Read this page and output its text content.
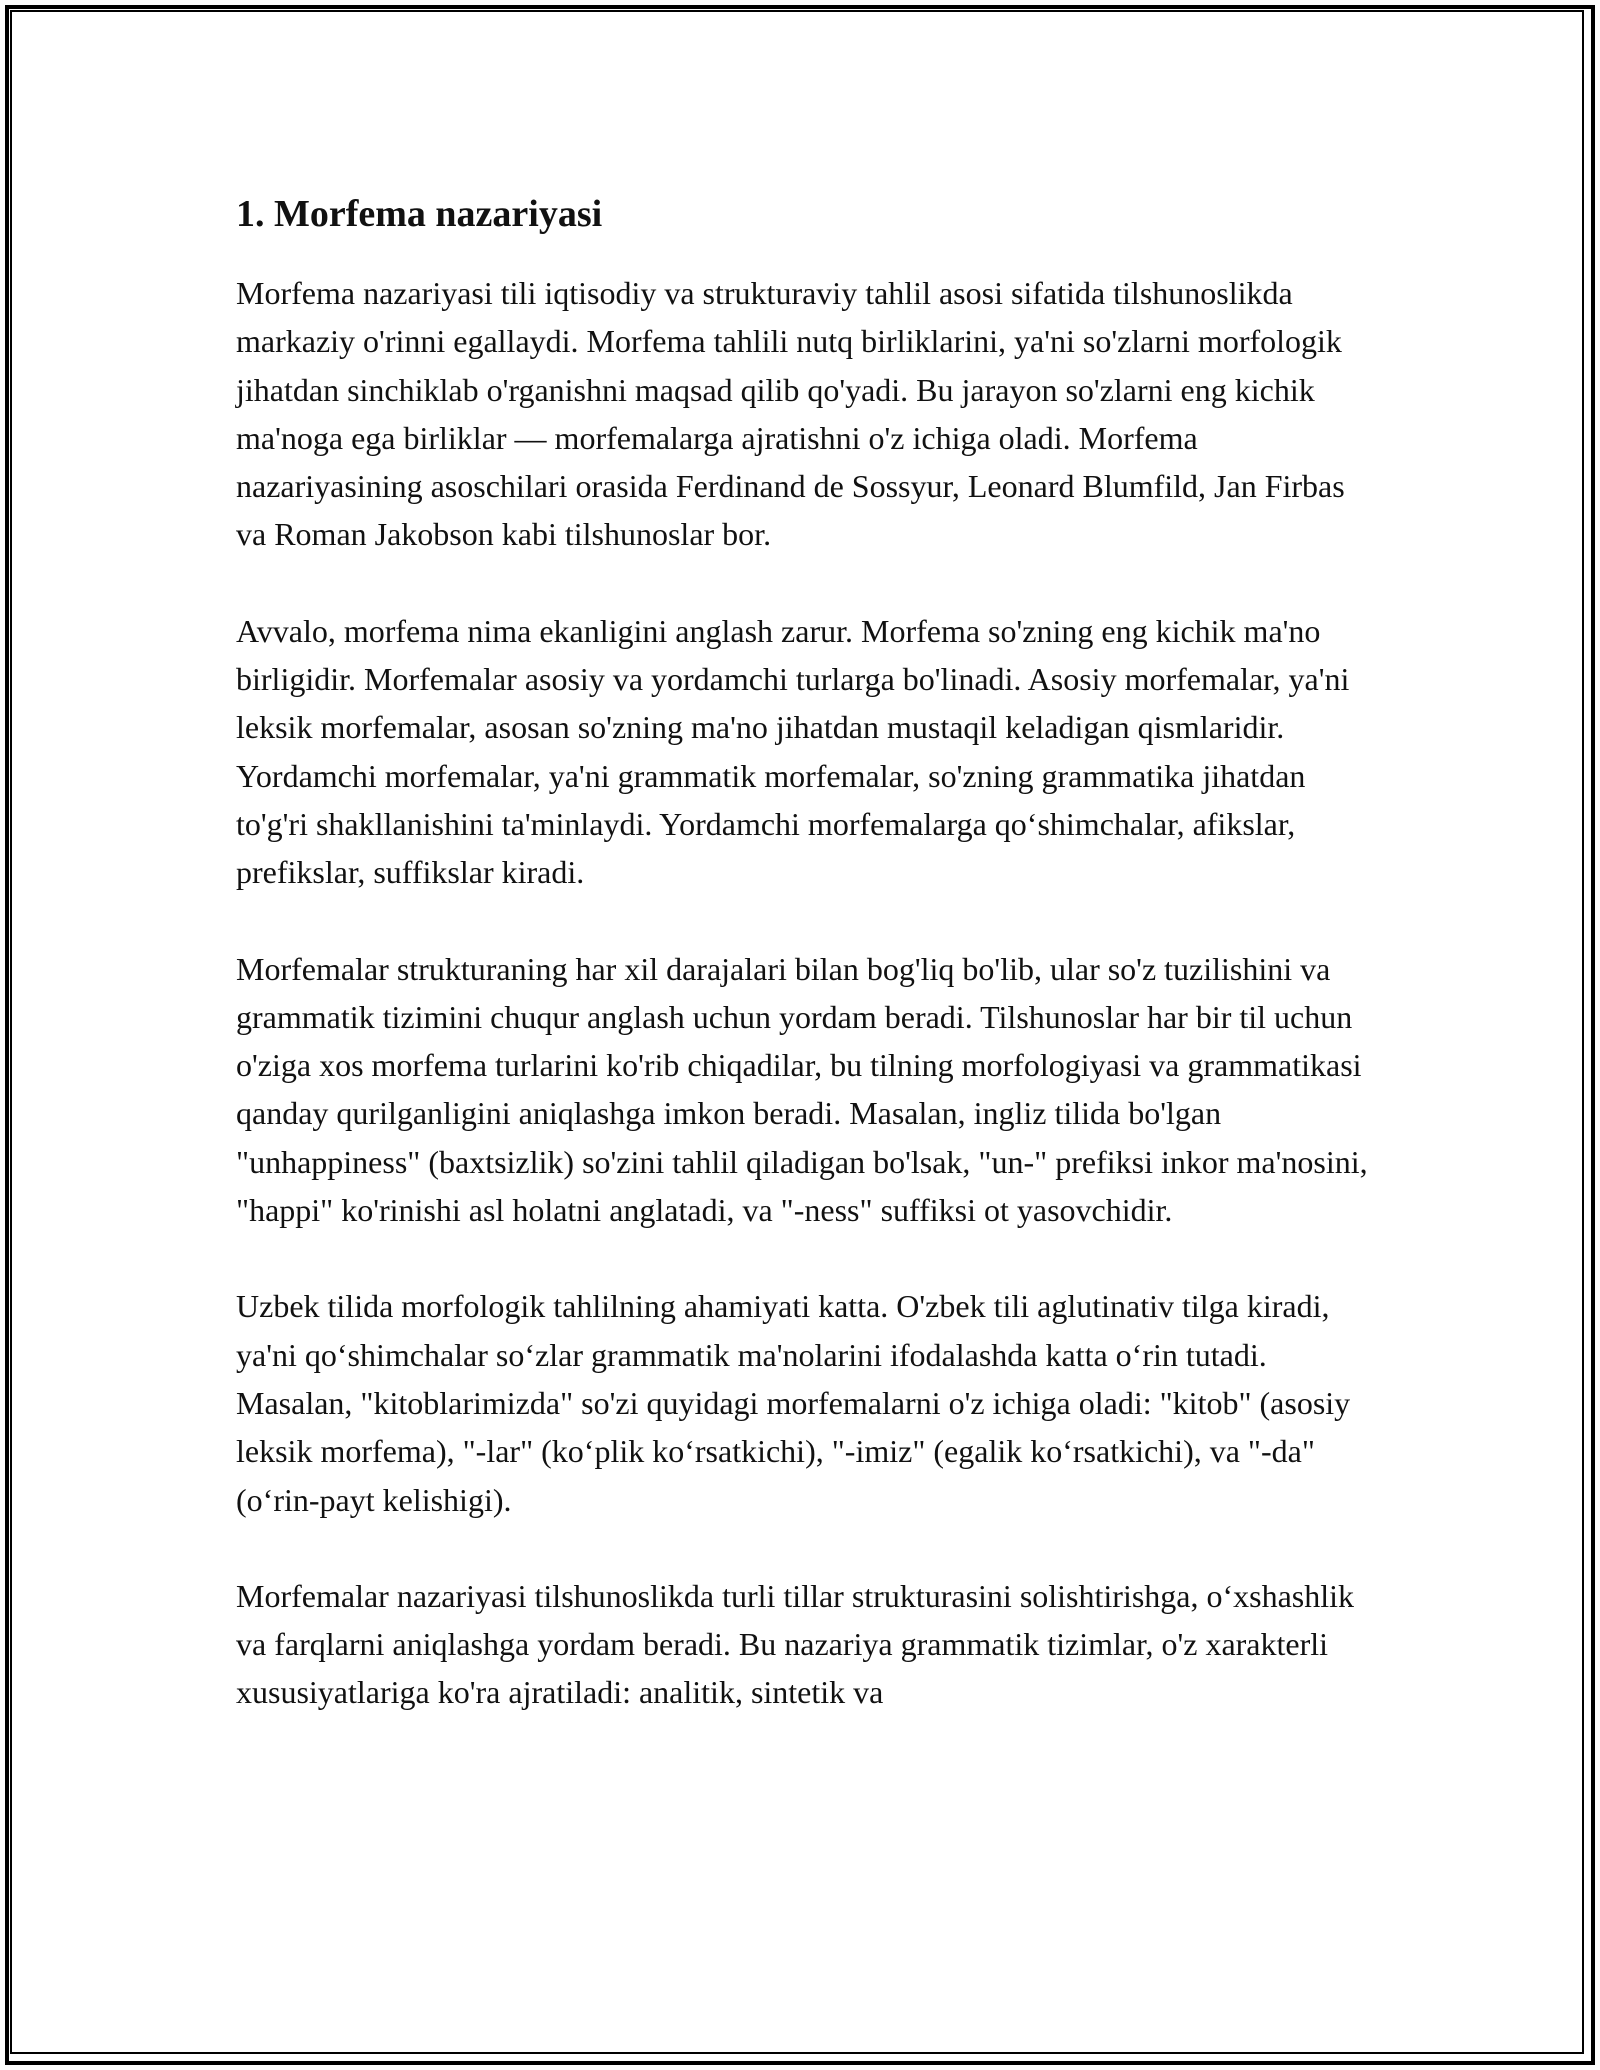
1. Morfema nazariyasi

Morfema nazariyasi tili iqtisodiy va strukturaviy tahlil asosi sifatida tilshunoslikda markaziy o'rinni egallaydi. Morfema tahlili nutq birliklarini, ya'ni so'zlarni morfologik jihatdan sinchiklab o'rganishni maqsad qilib qo'yadi. Bu jarayon so'zlarni eng kichik ma'noga ega birliklar — morfemalarga ajratishni o'z ichiga oladi. Morfema nazariyasining asoschilari orasida Ferdinand de Sossyur, Leonard Blumfild, Jan Firbas va Roman Jakobson kabi tilshunoslar bor.

Avvalo, morfema nima ekanligini anglash zarur. Morfema so'zning eng kichik ma'no birligidir. Morfemalar asosiy va yordamchi turlarga bo'linadi. Asosiy morfemalar, ya'ni leksik morfemalar, asosan so'zning ma'no jihatdan mustaqil keladigan qismlaridir. Yordamchi morfemalar, ya'ni grammatik morfemalar, so'zning grammatika jihatdan to'g'ri shakllanishini ta'minlaydi. Yordamchi morfemalarga qo‘shimchalar, afikslar, prefikslar, suffikslar kiradi.

Morfemalar strukturaning har xil darajalari bilan bog'liq bo'lib, ular so'z tuzilishini va grammatik tizimini chuqur anglash uchun yordam beradi. Tilshunoslar har bir til uchun o'ziga xos morfema turlarini ko'rib chiqadilar, bu tilning morfologiyasi va grammatikasi qanday qurilganligini aniqlashga imkon beradi. Masalan, ingliz tilida bo'lgan "unhappiness" (baxtsizlik) so'zini tahlil qiladigan bo'lsak, "un-" prefiksi inkor ma'nosini, "happi" ko'rinishi asl holatni anglatadi, va "-ness" suffiksi ot yasovchidir.

Uzbek tilida morfologik tahlilning ahamiyati katta. O'zbek tili aglutinativ tilga kiradi, ya'ni qo‘shimchalar so‘zlar grammatik ma'nolarini ifodalashda katta o‘rin tutadi. Masalan, "kitoblarimizda" so'zi quyidagi morfemalarni o'z ichiga oladi: "kitob" (asosiy leksik morfema), "-lar" (ko‘plik ko‘rsatkichi), "-imiz" (egalik ko‘rsatkichi), va "-da" (o‘rin-payt kelishigi).

Morfemalar nazariyasi tilshunoslikda turli tillar strukturasini solishtirishga, o‘xshashlik va farqlarni aniqlashga yordam beradi. Bu nazariya grammatik tizimlar, o'z xarakterli xususiyatlariga ko'ra ajratiladi: analitik, sintetik va
